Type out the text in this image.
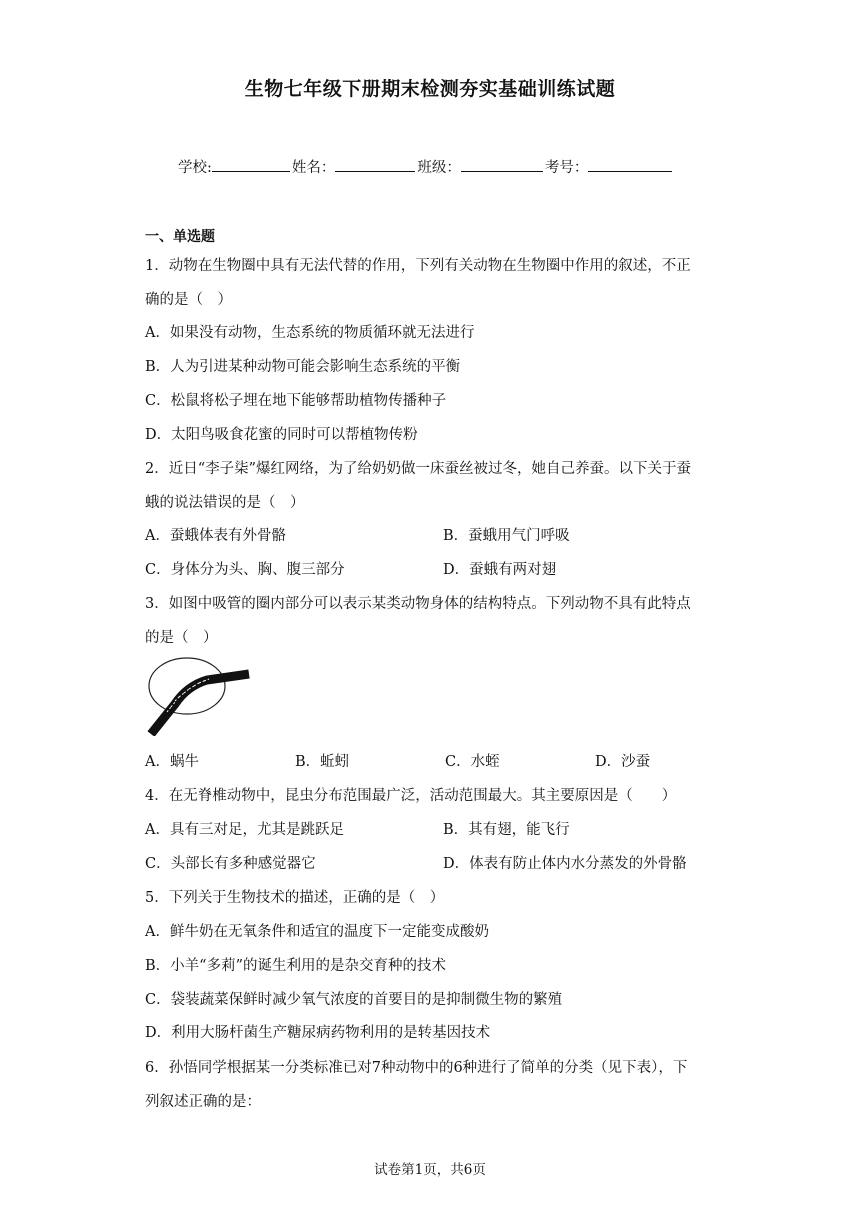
生物七年级下册期末检测夯实基础训练试题
学校:	姓名：	班级：	考号：
一、单选题
1．动物在生物圈中具有无法代替的作用，下列有关动物在生物圈中作用的叙述，不正
确的是（　）
A．如果没有动物，生态系统的物质循环就无法进行
B．人为引进某种动物可能会影响生态系统的平衡
C．松鼠将松子埋在地下能够帮助植物传播种子
D．太阳鸟吸食花蜜的同时可以帮植物传粉
2．近日“李子柒”爆红网络，为了给奶奶做一床蚕丝被过冬，她自己养蚕。以下关于蚕
蛾的说法错误的是（　）
A．蚕蛾体表有外骨骼	B．蚕蛾用气门呼吸
C．身体分为头、胸、腹三部分	D．蚕蛾有两对翅
3．如图中吸管的圈内部分可以表示某类动物身体的结构特点。下列动物不具有此特点
的是（　）
A．蜗牛	B．蚯蚓	C．水蛭	D．沙蚕
4．在无脊椎动物中，昆虫分布范围最广泛，活动范围最大。其主要原因是（　　）
A．具有三对足，尤其是跳跃足	B．其有翅，能飞行
C．头部长有多种感觉器它	D．体表有防止体内水分蒸发的外骨骼
5．下列关于生物技术的描述，正确的是（　）
A．鲜牛奶在无氧条件和适宜的温度下一定能变成酸奶
B．小羊“多莉”的诞生利用的是杂交育种的技术
C．袋装蔬菜保鲜时减少氧气浓度的首要目的是抑制微生物的繁殖
D．利用大肠杆菌生产糖尿病药物利用的是转基因技术
6．孙悟同学根据某一分类标准已对7种动物中的6种进行了简单的分类（见下表），下
列叙述正确的是：
试卷第1页，共6页
